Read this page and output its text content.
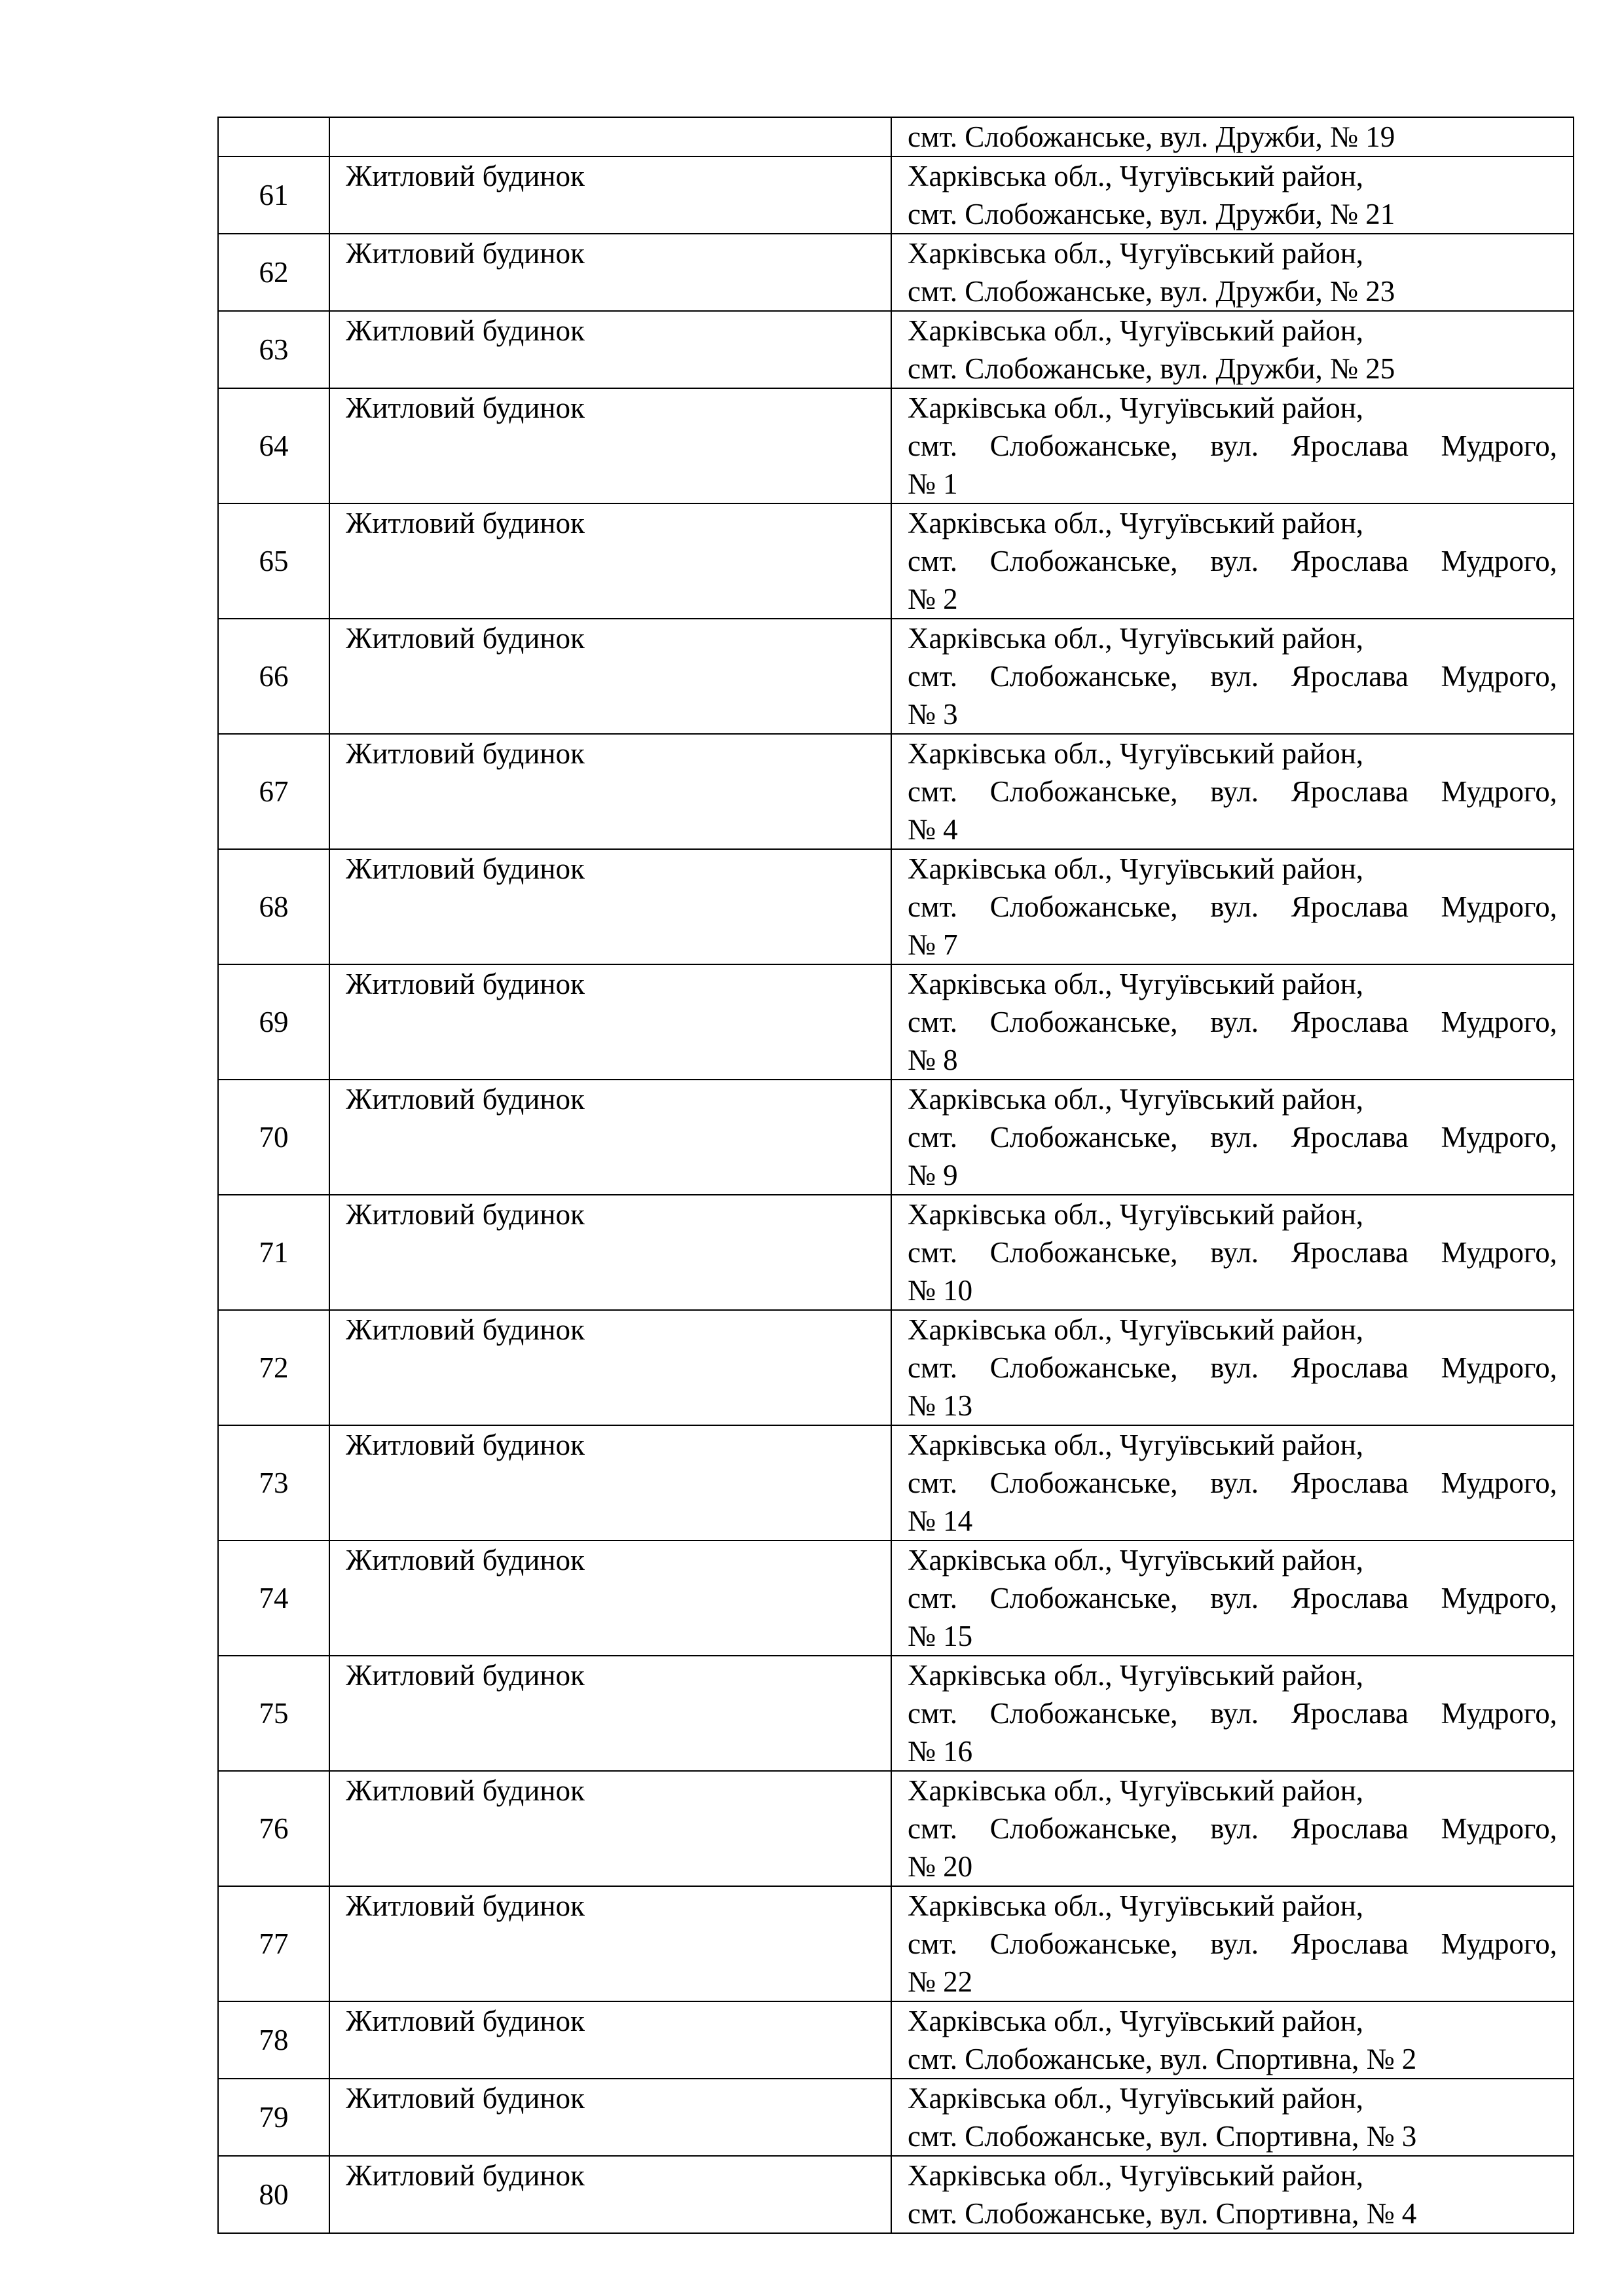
		смт. Слобожанське, вул. Дружби, № 19

61	Житловий будинок	Харківська обл., Чугуївський район,
смт. Слобожанське, вул. Дружби, № 21

62	Житловий будинок	Харківська обл., Чугуївський район,
смт. Слобожанське, вул. Дружби, № 23

63	Житловий будинок	Харківська обл., Чугуївський район,
смт. Слобожанське, вул. Дружби, № 25

64	Житловий будинок	Харківська обл., Чугуївський район,
смт. Слобожанське, вул. Ярослава Мудрого,
№ 1

65	Житловий будинок	Харківська обл., Чугуївський район,
смт. Слобожанське, вул. Ярослава Мудрого,
№ 2

66	Житловий будинок	Харківська обл., Чугуївський район,
смт. Слобожанське, вул. Ярослава Мудрого,
№ 3

67	Житловий будинок	Харківська обл., Чугуївський район,
смт. Слобожанське, вул. Ярослава Мудрого,
№ 4

68	Житловий будинок	Харківська обл., Чугуївський район,
смт. Слобожанське, вул. Ярослава Мудрого,
№ 7

69	Житловий будинок	Харківська обл., Чугуївський район,
смт. Слобожанське, вул. Ярослава Мудрого,
№ 8

70	Житловий будинок	Харківська обл., Чугуївський район,
смт. Слобожанське, вул. Ярослава Мудрого,
№ 9

71	Житловий будинок	Харківська обл., Чугуївський район,
смт. Слобожанське, вул. Ярослава Мудрого,
№ 10

72	Житловий будинок	Харківська обл., Чугуївський район,
смт. Слобожанське, вул. Ярослава Мудрого,
№ 13

73	Житловий будинок	Харківська обл., Чугуївський район,
смт. Слобожанське, вул. Ярослава Мудрого,
№ 14

74	Житловий будинок	Харківська обл., Чугуївський район,
смт. Слобожанське, вул. Ярослава Мудрого,
№ 15

75	Житловий будинок	Харківська обл., Чугуївський район,
смт. Слобожанське, вул. Ярослава Мудрого,
№ 16

76	Житловий будинок	Харківська обл., Чугуївський район,
смт. Слобожанське, вул. Ярослава Мудрого,
№ 20

77	Житловий будинок	Харківська обл., Чугуївський район,
смт. Слобожанське, вул. Ярослава Мудрого,
№ 22

78	Житловий будинок	Харківська обл., Чугуївський район,
смт. Слобожанське, вул. Спортивна, № 2

79	Житловий будинок	Харківська обл., Чугуївський район,
смт. Слобожанське, вул. Спортивна, № 3

80	Житловий будинок	Харківська обл., Чугуївський район,
смт. Слобожанське, вул. Спортивна, № 4
